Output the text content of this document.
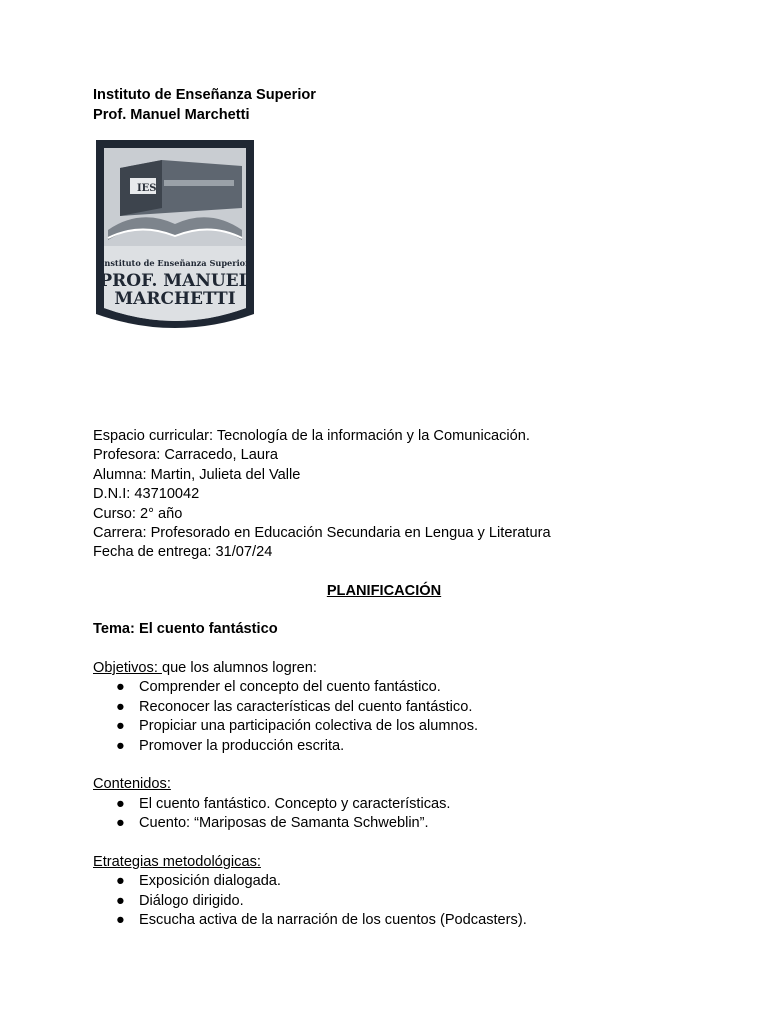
Instituto de Enseñanza Superior
Prof. Manuel Marchetti
IES
Instituto de Enseñanza Superior
PROF. MANUEL
MARCHETTI
Espacio curricular: Tecnología de la información y la Comunicación.
Profesora: Carracedo, Laura
Alumna: Martin, Julieta del Valle
D.N.I: 43710042
Curso: 2° año
Carrera: Profesorado en Educación Secundaria en Lengua y Literatura
Fecha de entrega: 31/07/24
PLANIFICACIÓN
Tema: El cuento fantástico
Objetivos: que los alumnos logren:
● Comprender el concepto del cuento fantástico.
● Reconocer las características del cuento fantástico.
● Propiciar una participación colectiva de los alumnos.
● Promover la producción escrita.
Contenidos:
● El cuento fantástico. Concepto y características.
● Cuento: “Mariposas de Samanta Schweblin”.
Etrategias metodológicas:
● Exposición dialogada.
● Diálogo dirigido.
● Escucha activa de la narración de los cuentos (Podcasters).
